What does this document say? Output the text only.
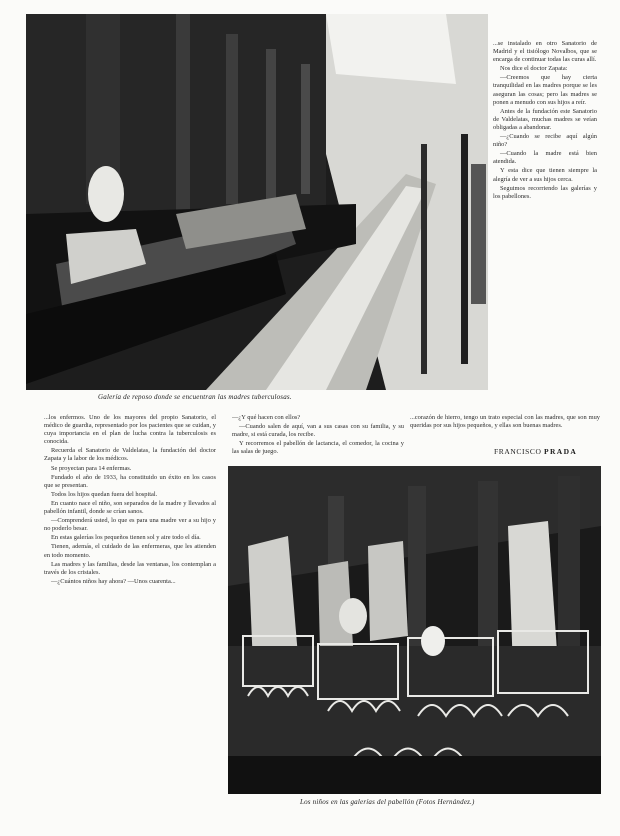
Galería de reposo donde se encuentran las madres tuberculosas.

...se instalado en otro Sanatorio de Madrid y el tisiólogo Novalbos, que se encarga de continuar todas las curas allí.

Nos dice el doctor Zapata:

—Creemos que hay cierta tranquilidad en las madres porque se les aseguran las cosas; pero las madres se ponen a menudo con sus hijos a reír.

Antes de la fundación este Sanatorio de Valdelatas, muchas madres se veían obligadas a abandonar.

—¿Cuando se recibe aquí algún niño?

—Cuando la madre está bien atendida.

Y esta dice que tienen siempre la alegría de ver a sus hijos cerca.

Seguimos recorriendo las galerías y los pabellones.

...los enfermos. Uno de los mayores del propio Sanatorio, el médico de guardia, representado por los pacientes que se cuidan, y cuya importancia en el plan de lucha contra la tuberculosis es conocida.

Recuerda el Sanatorio de Valdelatas, la fundación del doctor Zapata y la labor de los médicos.

Se proyectan para 14 enfermas.

Fundado el año de 1933, ha constituido un éxito en los casos que se presentan.

Todos los hijos quedan fuera del hospital.

En cuanto nace el niño, son separados de la madre y llevados al pabellón infantil, donde se crían sanos.

—Comprenderá usted, lo que es para una madre ver a su hijo y no poderlo besar.

En estas galerías los pequeños tienen sol y aire todo el día.

Tienen, además, el cuidado de las enfermeras, que les atienden en todo momento.

Las madres y las familias, desde las ventanas, los contemplan a través de los cristales.

—¿Cuántos niños hay ahora? —Unos cuarenta...

—¿Y qué hacen con ellos?

—Cuando salen de aquí, van a sus casas con su familia, y su madre, si está curada, los recibe.

Y recorremos el pabellón de lactancia, el comedor, la cocina y las salas de juego.

...corazón de hierro, tengo un trato especial con las madres, que son muy queridas por sus hijos pequeños, y ellas son buenas madres.

FRANCISCO PRADA
Los niños en las galerías del pabellón (Fotos Hernández.)
